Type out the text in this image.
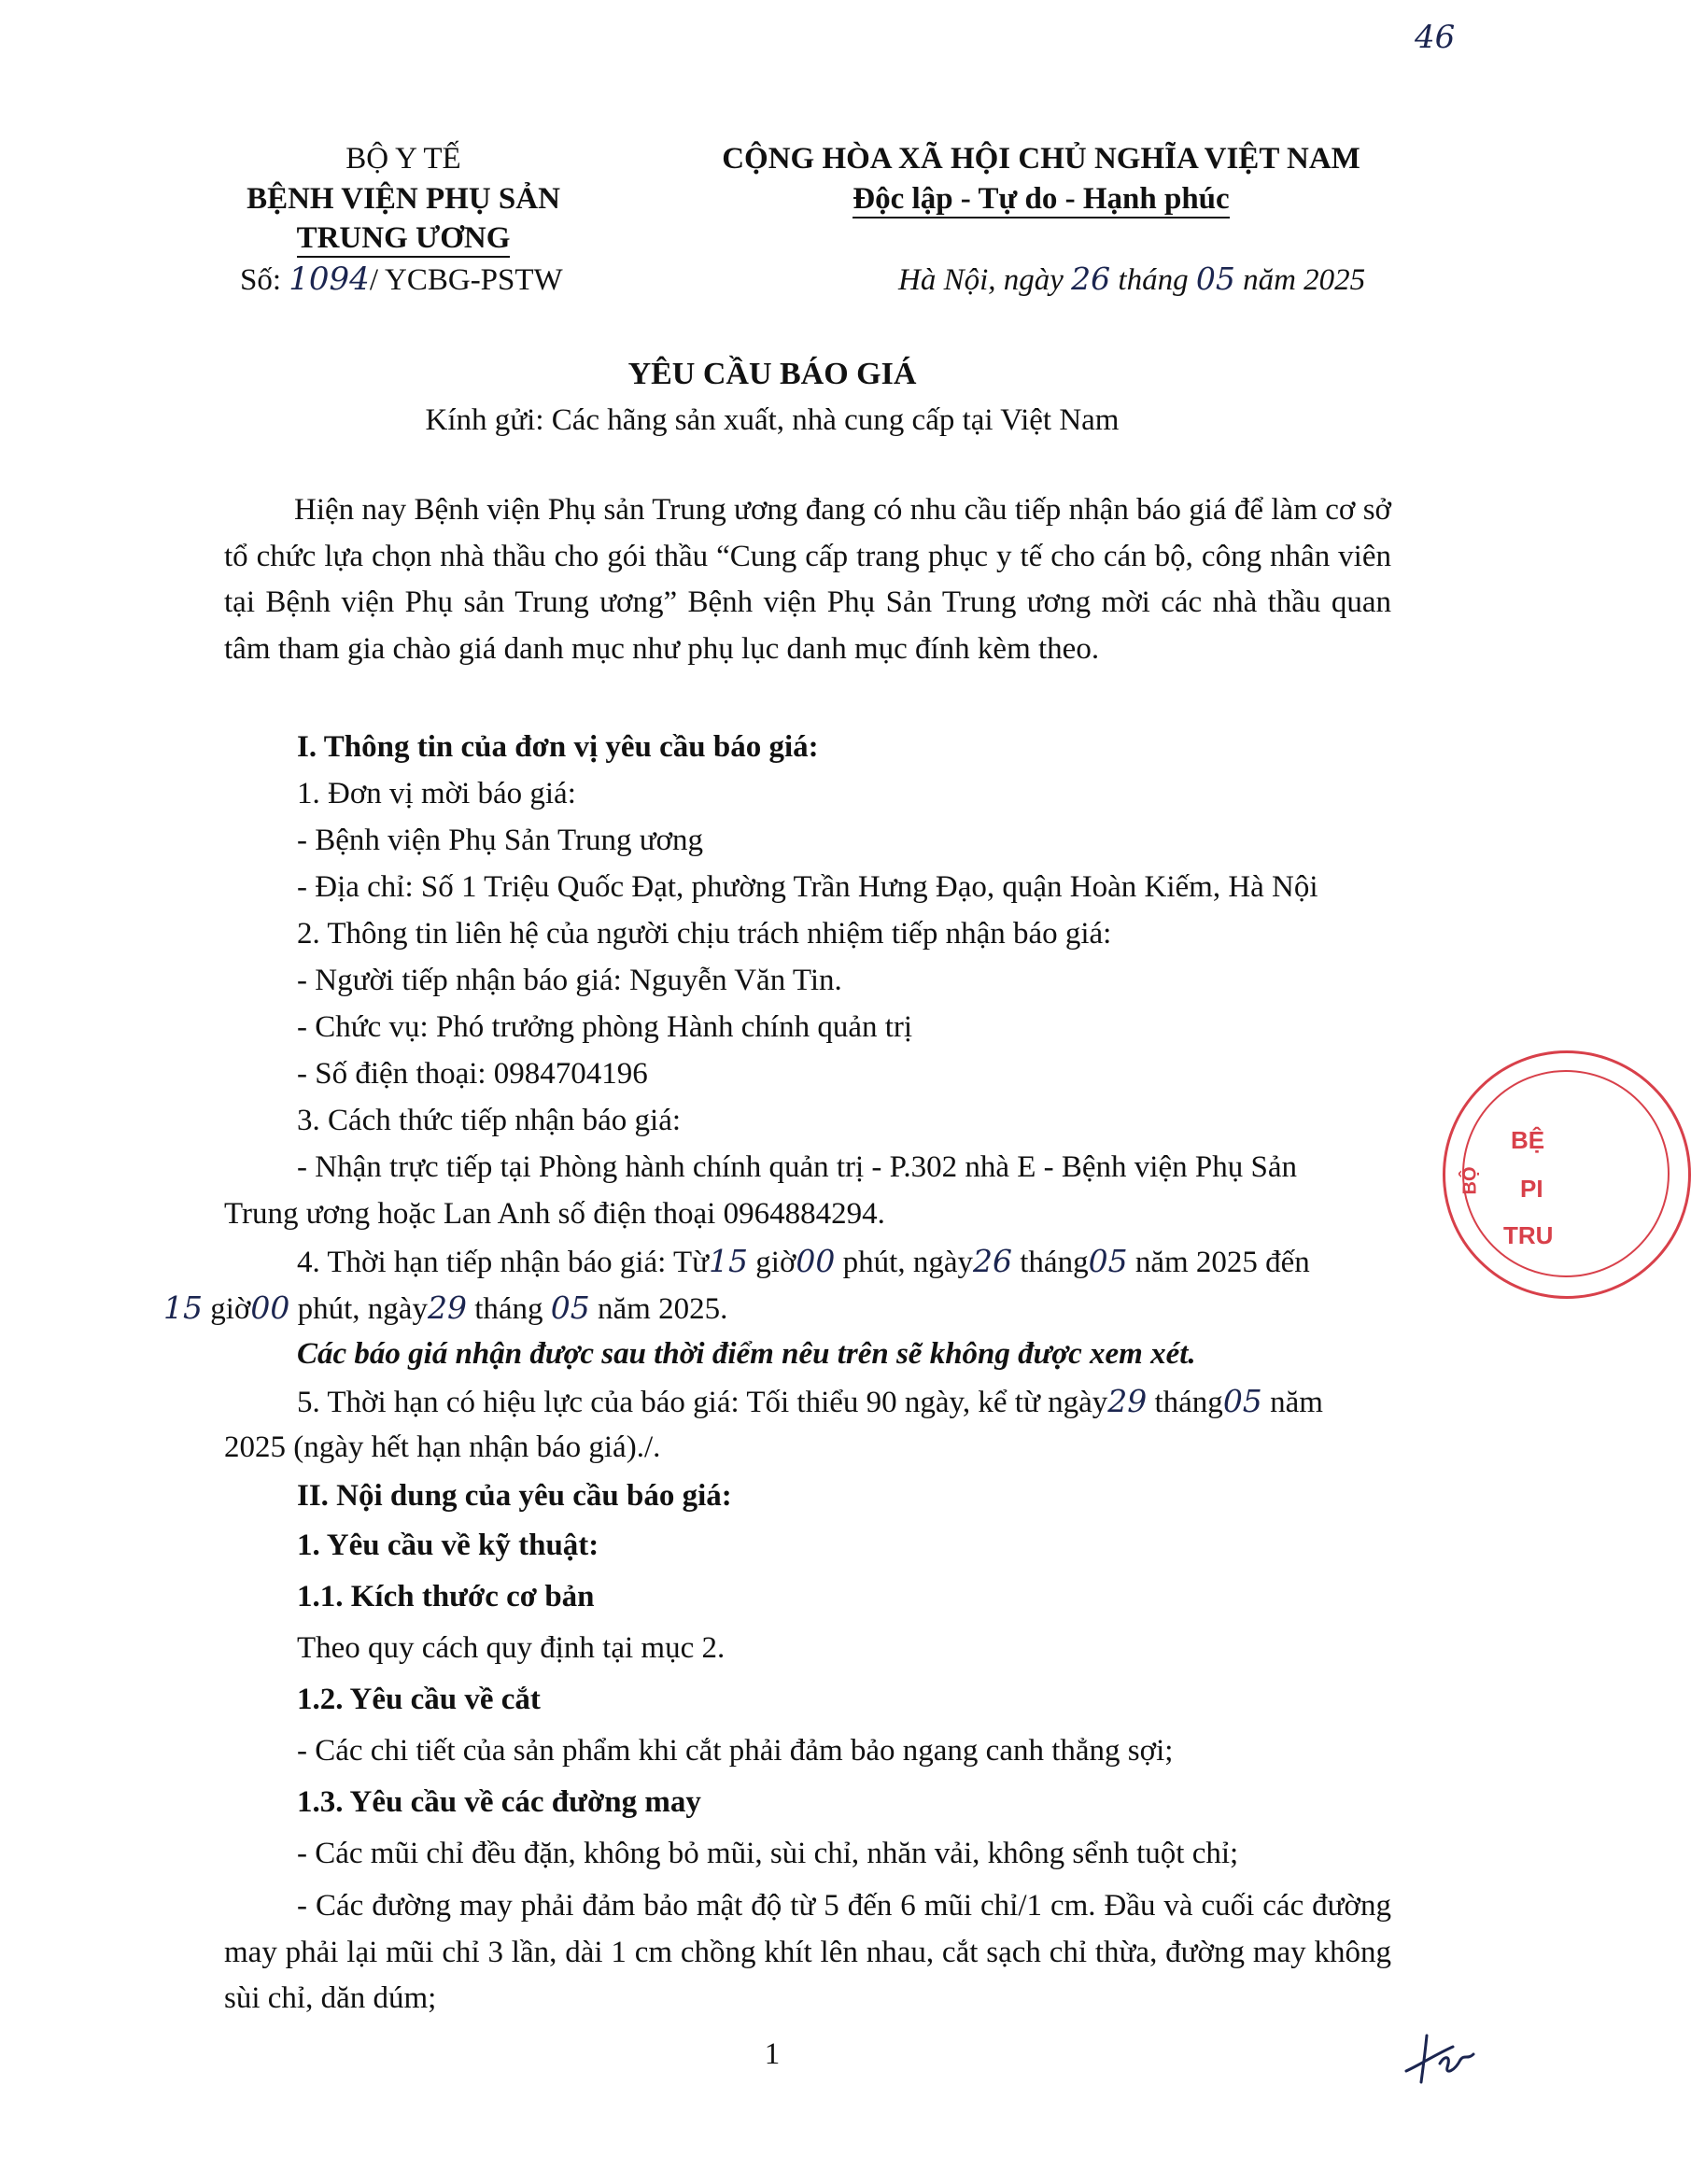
46
BỘ Y TẾ
BỆNH VIỆN PHỤ SẢN
TRUNG ƯƠNG
Số: 1094/ YCBG-PSTW
CỘNG HÒA XÃ HỘI CHỦ NGHĨA VIỆT NAM
Độc lập - Tự do - Hạnh phúc
Hà Nội, ngày 26 tháng 05 năm 2025
YÊU CẦU BÁO GIÁ
Kính gửi: Các hãng sản xuất, nhà cung cấp tại Việt Nam
Hiện nay Bệnh viện Phụ sản Trung ương đang có nhu cầu tiếp nhận báo giá để làm cơ sở tổ chức lựa chọn nhà thầu cho gói thầu “Cung cấp trang phục y tế cho cán bộ, công nhân viên tại Bệnh viện Phụ sản Trung ương” Bệnh viện Phụ Sản Trung ương mời các nhà thầu quan tâm tham gia chào giá danh mục như phụ lục danh mục đính kèm theo.
I. Thông tin của đơn vị yêu cầu báo giá:
1. Đơn vị mời báo giá:
- Bệnh viện Phụ Sản Trung ương
- Địa chỉ: Số 1 Triệu Quốc Đạt, phường Trần Hưng Đạo, quận Hoàn Kiếm, Hà Nội
2. Thông tin liên hệ của người chịu trách nhiệm tiếp nhận báo giá:
- Người tiếp nhận báo giá: Nguyễn Văn Tin.
- Chức vụ: Phó trưởng phòng Hành chính quản trị
- Số điện thoại: 0984704196
3. Cách thức tiếp nhận báo giá:
- Nhận trực tiếp tại Phòng hành chính quản trị - P.302 nhà E - Bệnh viện Phụ Sản
Trung ương hoặc Lan Anh số điện thoại 0964884294.
4. Thời hạn tiếp nhận báo giá: Từ15 giờ00 phút, ngày26 tháng05 năm 2025 đến
15 giờ00 phút, ngày29 tháng 05 năm 2025.
Các báo giá nhận được sau thời điểm nêu trên sẽ không được xem xét.
5. Thời hạn có hiệu lực của báo giá: Tối thiểu 90 ngày, kể từ ngày29 tháng05 năm
2025 (ngày hết hạn nhận báo giá)./.
II. Nội dung của yêu cầu báo giá:
1. Yêu cầu về kỹ thuật:
1.1. Kích thước cơ bản
Theo quy cách quy định tại mục 2.
1.2. Yêu cầu về cắt
- Các chi tiết của sản phẩm khi cắt phải đảm bảo ngang canh thẳng sợi;
1.3. Yêu cầu về các đường may
- Các mũi chỉ đều đặn, không bỏ mũi, sùi chỉ, nhăn vải, không sểnh tuột chỉ;
- Các đường may phải đảm bảo mật độ từ 5 đến 6 mũi chỉ/1 cm. Đầu và cuối các đường may phải lại mũi chỉ 3 lần, dài 1 cm chồng khít lên nhau, cắt sạch chỉ thừa, đường may không sùi chỉ, dăn dúm;
1
BỆ
PI
TRU
BỘ
